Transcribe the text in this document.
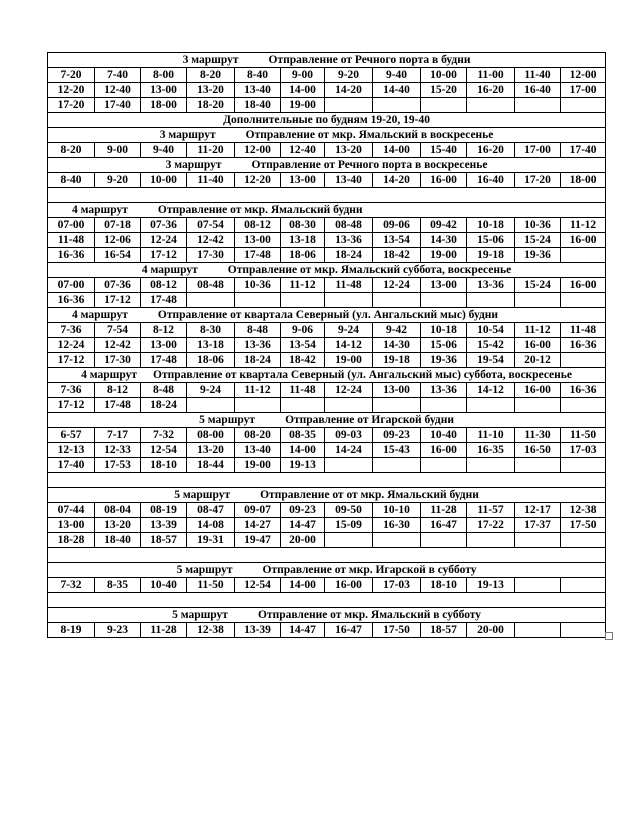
3 маршрут Отправление от Речного порта в будни											
7-20	7-40	8-00	8-20	8-40	9-00	9-20	9-40	10-00	11-00	11-40	12-00
12-20	12-40	13-00	13-20	13-40	14-00	14-20	14-40	15-20	16-20	16-40	17-00
17-20	17-40	18-00	18-20	18-40	19-00						
Дополнительные по будням 19-20, 19-40											
3 маршрут Отправление от мкр. Ямальский в воскресенье											
8-20	9-00	9-40	11-20	12-00	12-40	13-20	14-00	15-40	16-20	17-00	17-40
3 маршрут Отправление от Речного порта в воскресенье											
8-40	9-20	10-00	11-40	12-20	13-00	13-40	14-20	16-00	16-40	17-20	18-00

4 маршрут Отправление от мкр. Ямальский будни											
07-00	07-18	07-36	07-54	08-12	08-30	08-48	09-06	09-42	10-18	10-36	11-12
11-48	12-06	12-24	12-42	13-00	13-18	13-36	13-54	14-30	15-06	15-24	16-00
16-36	16-54	17-12	17-30	17-48	18-06	18-24	18-42	19-00	19-18	19-36	
4 маршрут Отправление от мкр. Ямальский суббота, воскресенье											
07-00	07-36	08-12	08-48	10-36	11-12	11-48	12-24	13-00	13-36	15-24	16-00
16-36	17-12	17-48									
4 маршрут Отправление от квартала Северный (ул. Ангальский мыс) будни											
7-36	7-54	8-12	8-30	8-48	9-06	9-24	9-42	10-18	10-54	11-12	11-48
12-24	12-42	13-00	13-18	13-36	13-54	14-12	14-30	15-06	15-42	16-00	16-36
17-12	17-30	17-48	18-06	18-24	18-42	19-00	19-18	19-36	19-54	20-12	
4 маршрут Отправление от квартала Северный (ул. Ангальский мыс) суббота, воскресенье											
7-36	8-12	8-48	9-24	11-12	11-48	12-24	13-00	13-36	14-12	16-00	16-36
17-12	17-48	18-24									
5 маршрут Отправление от Игарской будни											
6-57	7-17	7-32	08-00	08-20	08-35	09-03	09-23	10-40	11-10	11-30	11-50
12-13	12-33	12-54	13-20	13-40	14-00	14-24	15-43	16-00	16-35	16-50	17-03
17-40	17-53	18-10	18-44	19-00	19-13						

5 маршрут Отправление от от мкр. Ямальский будни											
07-44	08-04	08-19	08-47	09-07	09-23	09-50	10-10	11-28	11-57	12-17	12-38
13-00	13-20	13-39	14-08	14-27	14-47	15-09	16-30	16-47	17-22	17-37	17-50
18-28	18-40	18-57	19-31	19-47	20-00						

5 маршрут Отправление от мкр. Игарской в субботу											
7-32	8-35	10-40	11-50	12-54	14-00	16-00	17-03	18-10	19-13		

5 маршрут Отправление от мкр. Ямальский в субботу											
8-19	9-23	11-28	12-38	13-39	14-47	16-47	17-50	18-57	20-00		
